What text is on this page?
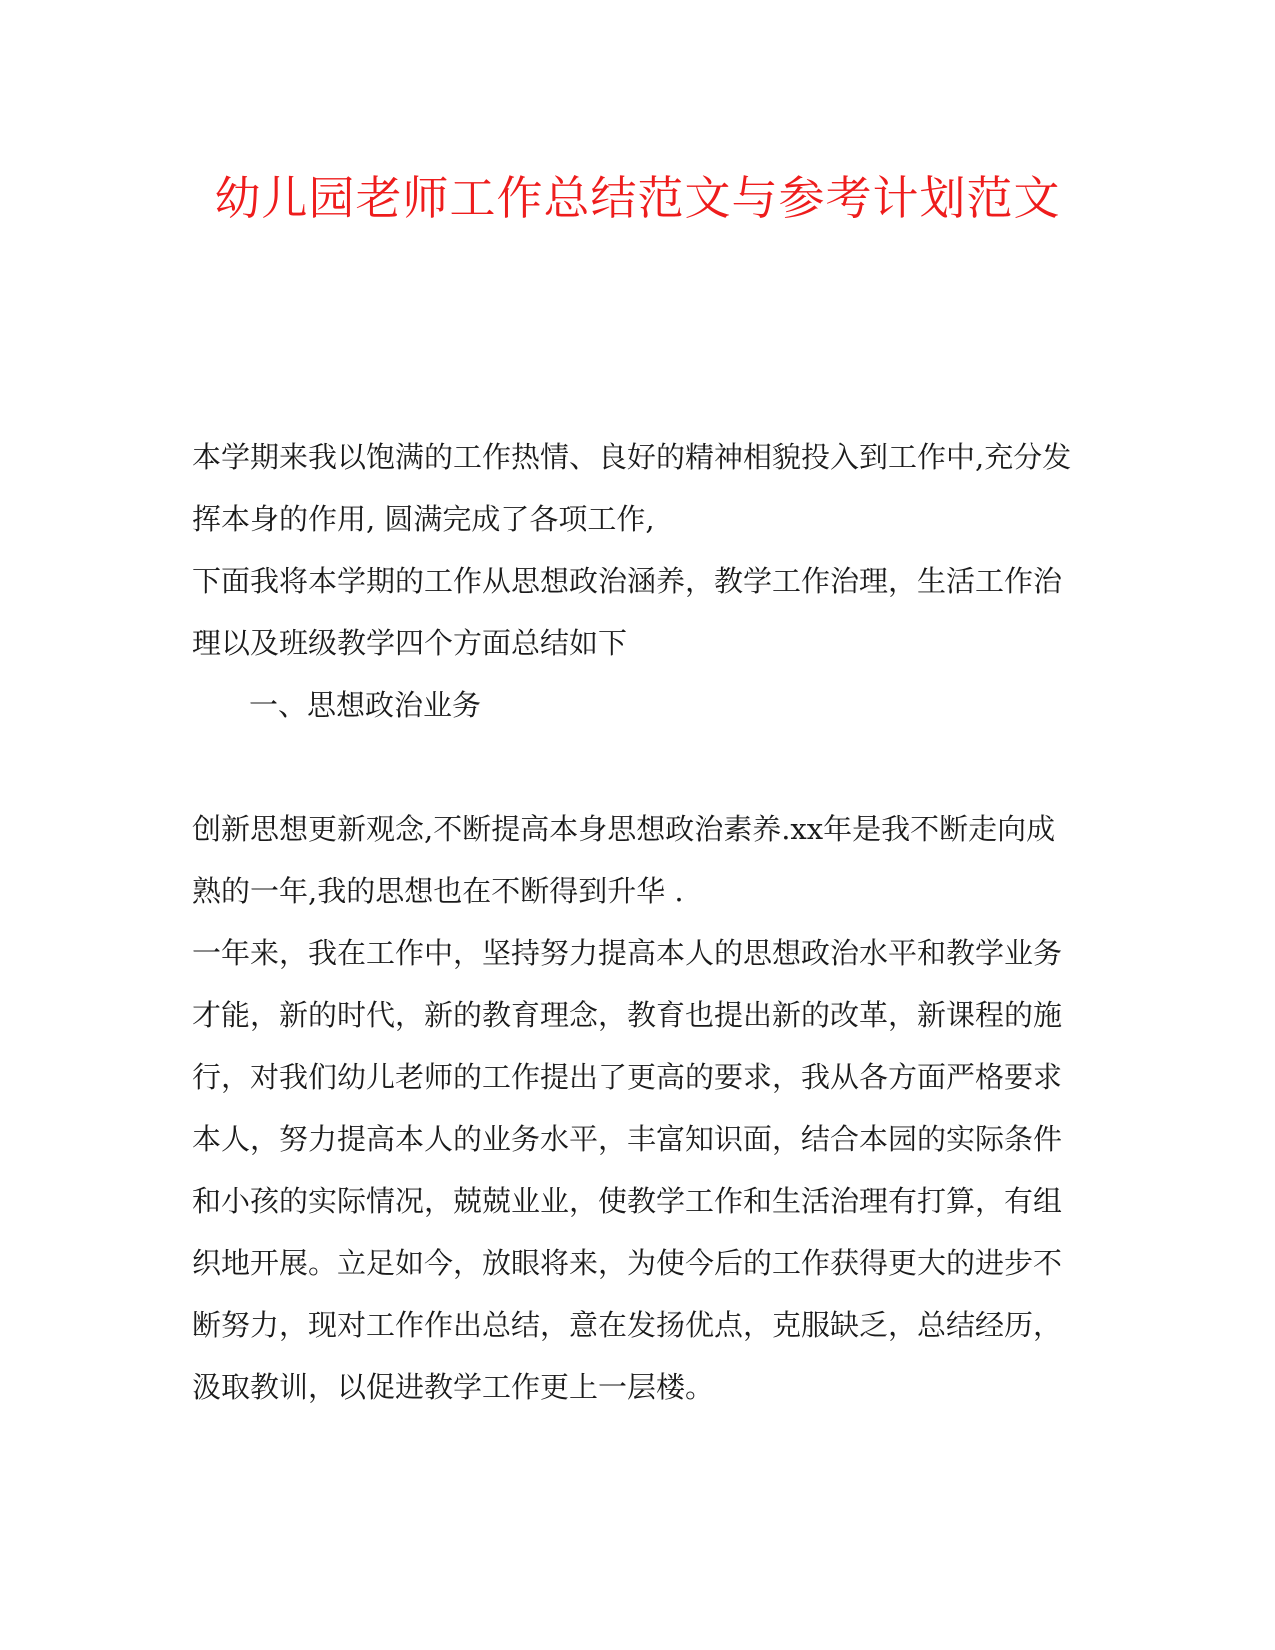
幼儿园老师工作总结范文与参考计划范文
本学期来我以饱满的工作热情、良好的精神相貌投入到工作中,充分发
挥本身的作用, 圆满完成了各项工作,
下面我将本学期的工作从思想政治涵养，教学工作治理，生活工作治
理以及班级教学四个方面总结如下
一、思想政治业务
创新思想更新观念,不断提高本身思想政治素养.xx年是我不断走向成
熟的一年,我的思想也在不断得到升华 .
一年来，我在工作中，坚持努力提高本人的思想政治水平和教学业务
才能，新的时代，新的教育理念，教育也提出新的改革，新课程的施
行，对我们幼儿老师的工作提出了更高的要求，我从各方面严格要求
本人，努力提高本人的业务水平，丰富知识面，结合本园的实际条件
和小孩的实际情况，兢兢业业，使教学工作和生活治理有打算，有组
织地开展。立足如今，放眼将来，为使今后的工作获得更大的进步不
断努力，现对工作作出总结，意在发扬优点，克服缺乏，总结经历，
汲取教训，以促进教学工作更上一层楼。
